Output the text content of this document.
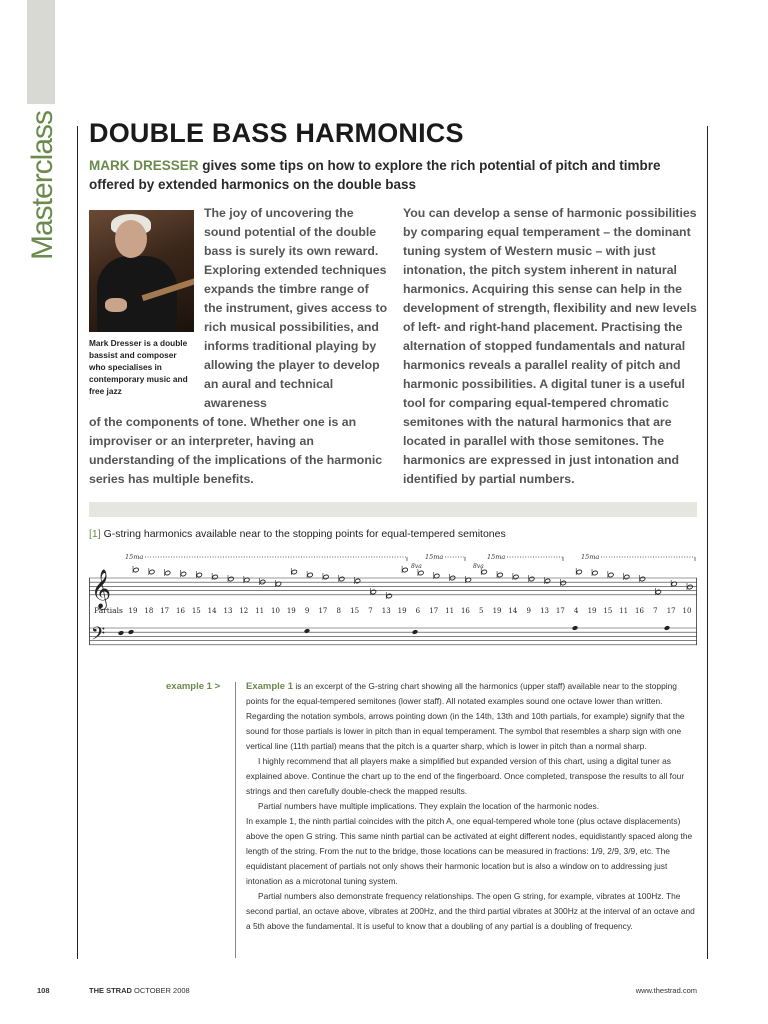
Masterclass DOUBLE BASS HARMONICS

MARK DRESSER gives some tips on how to explore the rich potential of pitch and timbre offered by extended harmonics on the double bass

Mark Dresser is a double bassist and composer who specialises in contemporary music and free jazz

The joy of uncovering the sound potential of the double bass is surely its own reward. Exploring extended techniques expands the timbre range of the instrument, gives access to rich musical possibilities, and informs traditional playing by allowing the player to develop an aural and technical awareness

of the components of tone. Whether one is an improviser or an interpreter, having an understanding of the implications of the harmonic series has multiple benefits.

You can develop a sense of harmonic possibilities by comparing equal temperament – the dominant tuning system of Western music – with just intonation, the pitch system inherent in natural harmonics. Acquiring this sense can help in the development of strength, flexibility and new levels of left- and right-hand placement. Practising the alternation of stopped fundamentals and natural harmonics reveals a parallel reality of pitch and harmonic possibilities. A digital tuner is a useful tool for comparing equal-tempered chromatic semitones with the natural harmonics that are located in parallel with those semitones. The harmonics are expressed in just intonation and identified by partial numbers.

[1] G-string harmonics available near to the stopping points for equal-tempered semitones

15ma	15ma	15ma	15ma
8va	8va
𝄞
Partials 19 18 17 16 15 14 13 12 11 10 19 9 17 8 15 7 13 19 6 17 11 16 5 19 14 9 13 17 4 19 15 11 16 7 17 10
𝄢

example 1 >	Example 1 is an excerpt of the G-string chart showing all the harmonics (upper staff) available near to the stopping points for the equal-tempered semitones (lower staff). All notated examples sound one octave lower than written. Regarding the notation symbols, arrows pointing down (in the 14th, 13th and 10th partials, for example) signify that the sound for those partials is lower in pitch than in equal temperament. The symbol that resembles a sharp sign with one vertical line (11th partial) means that the pitch is a quarter sharp, which is lower in pitch than a normal sharp.

I highly recommend that all players make a simplified but expanded version of this chart, using a digital tuner as explained above. Continue the chart up to the end of the fingerboard. Once completed, transpose the results to all four strings and then carefully double-check the mapped results.

Partial numbers have multiple implications. They explain the location of the harmonic nodes.

In example 1, the ninth partial coincides with the pitch A, one equal-tempered whole tone (plus octave displacements) above the open G string. This same ninth partial can be activated at eight different nodes, equidistantly spaced along the length of the string. From the nut to the bridge, those locations can be measured in fractions: 1/9, 2/9, 3/9, etc. The equidistant placement of partials not only shows their harmonic location but is also a window on to addressing just intonation as a microtonal tuning system.

Partial numbers also demonstrate frequency relationships. The open G string, for example, vibrates at 100Hz. The second partial, an octave above, vibrates at 200Hz, and the third partial vibrates at 300Hz at the interval of an octave and a 5th above the fundamental. It is useful to know that a doubling of any partial is a doubling of frequency.

108	THE STRAD OCTOBER 2008	www.thestrad.com
